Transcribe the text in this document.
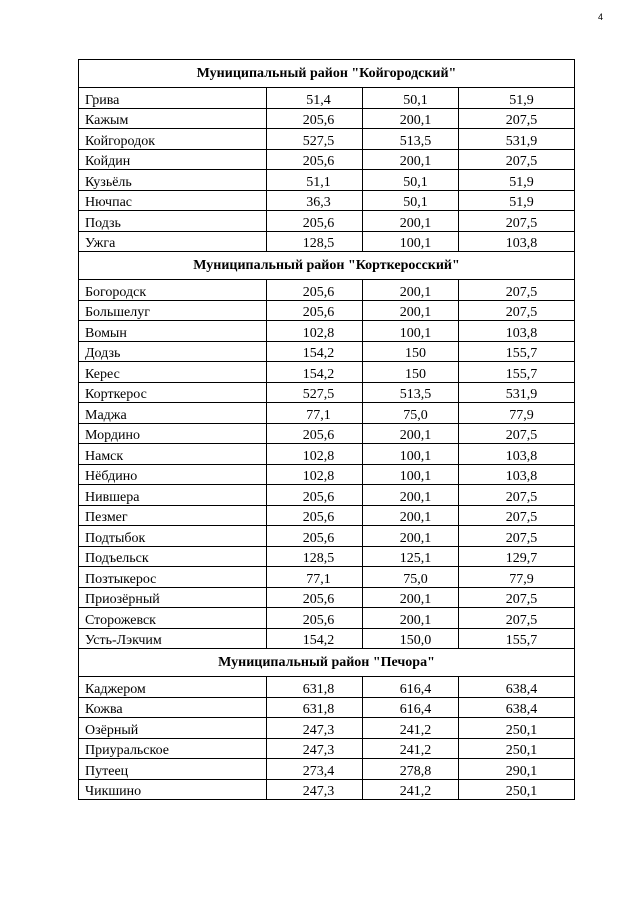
4
Муниципальный район "Койгородский"			
Грива	51,4	50,1	51,9
Кажым	205,6	200,1	207,5
Койгородок	527,5	513,5	531,9
Койдин	205,6	200,1	207,5
Кузьёль	51,1	50,1	51,9
Нючпас	36,3	50,1	51,9
Подзь	205,6	200,1	207,5
Ужга	128,5	100,1	103,8
Муниципальный район "Корткеросский"			
Богородск	205,6	200,1	207,5
Большелуг	205,6	200,1	207,5
Вомын	102,8	100,1	103,8
Додзь	154,2	150	155,7
Керес	154,2	150	155,7
Корткерос	527,5	513,5	531,9
Маджа	77,1	75,0	77,9
Мордино	205,6	200,1	207,5
Намск	102,8	100,1	103,8
Нёбдино	102,8	100,1	103,8
Нившера	205,6	200,1	207,5
Пезмег	205,6	200,1	207,5
Подтыбок	205,6	200,1	207,5
Подъельск	128,5	125,1	129,7
Позтыкерос	77,1	75,0	77,9
Приозёрный	205,6	200,1	207,5
Сторожевск	205,6	200,1	207,5
Усть-Лэкчим	154,2	150,0	155,7
Муниципальный район "Печора"			
Каджером	631,8	616,4	638,4
Кожва	631,8	616,4	638,4
Озёрный	247,3	241,2	250,1
Приуральское	247,3	241,2	250,1
Путеец	273,4	278,8	290,1
Чикшино	247,3	241,2	250,1
